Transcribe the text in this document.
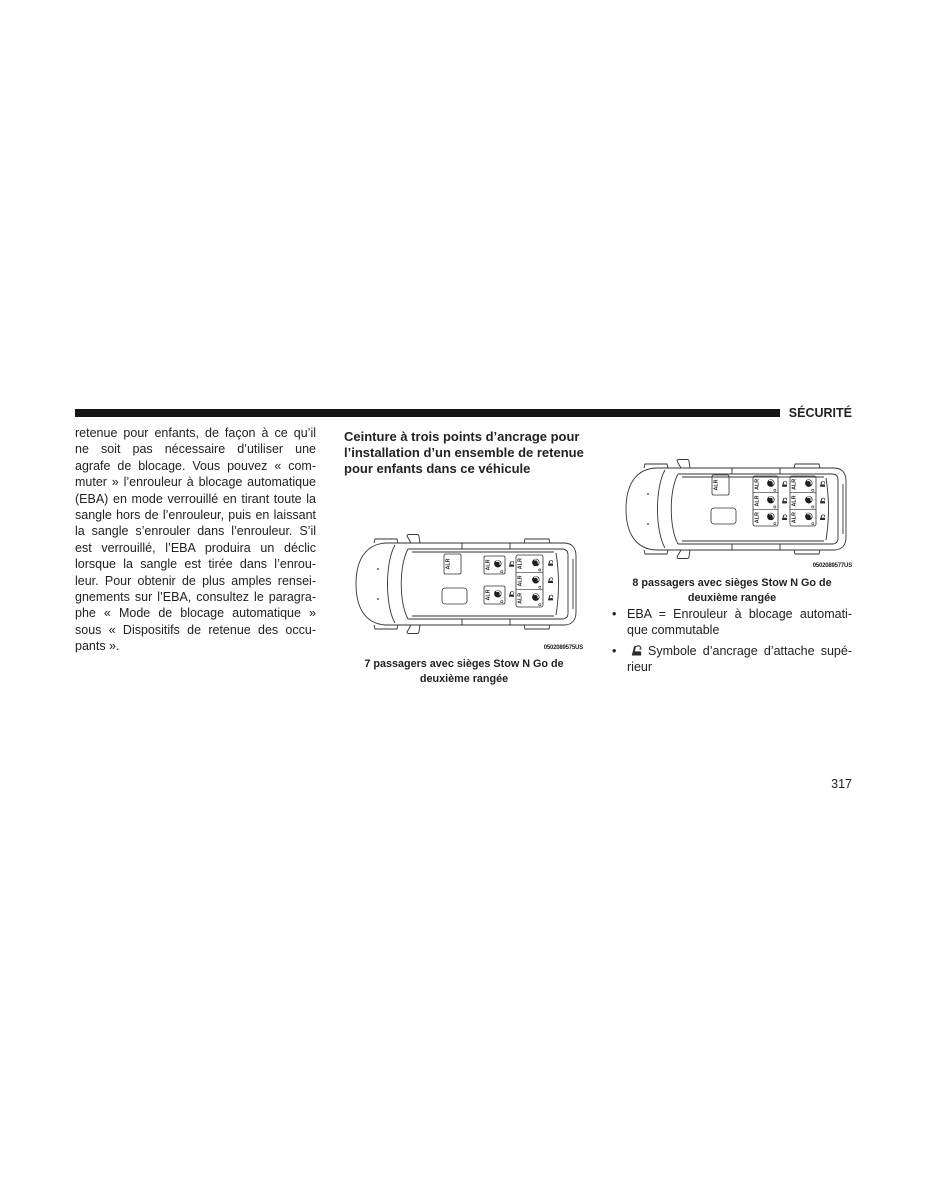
SÉCURITÉ
retenue pour enfants, de façon à ce qu’il
ne soit pas nécessaire d’utiliser une
agrafe de blocage. Vous pouvez « com-
muter » l’enrouleur à blocage automatique
(EBA) en mode verrouillé en tirant toute la
sangle hors de l’enrouleur, puis en laissant
la sangle s’enrouler dans l’enrouleur. S’il
est verrouillé, l’EBA produira un déclic
lorsque la sangle est tirée dans l’enrou-
leur. Pour obtenir de plus amples rensei-
gnements sur l’EBA, consultez le paragra-
phe « Mode de blocage automatique »
sous « Dispositifs de retenue des occu-
pants ».
Ceinture à trois points d’ancrage pour
l’installation d’un ensemble de retenue
pour enfants dans ce véhicule
ALR	ALR
ALR
ALR
ALR
ALR
0502089575US
7 passagers avec sièges Stow N Go de
deuxième rangée
ALR	ALR
ALR
ALR
ALR
ALR
ALR
0502089577US
8 passagers avec sièges Stow N Go de
deuxième rangée
• EBA = Enrouleur à blocage automati-
que commutable
•	Symbole d’ancrage d’attache supé-
rieur
317
